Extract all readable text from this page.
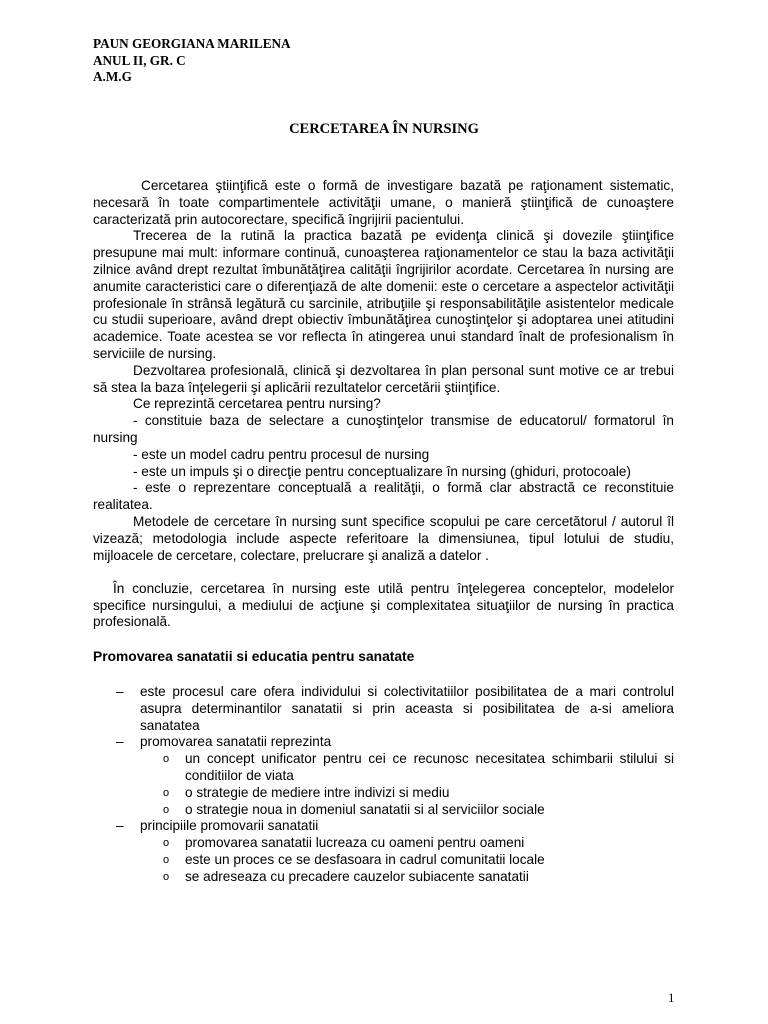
PAUN GEORGIANA MARILENA
ANUL II, GR. C
A.M.G
CERCETAREA ÎN NURSING

Cercetarea ştiinţifică este o formă de investigare bazată pe raţionament sistematic, necesară în toate compartimentele activităţii umane, o manieră ştiinţifică de cunoaştere caracterizată prin autocorectare, specifică îngrijirii pacientului.

Trecerea de la rutină la practica bazată pe evidenţa clinică şi dovezile ştiinţifice presupune mai mult: informare continuă, cunoaşterea raţionamentelor ce stau la baza activităţii zilnice având drept rezultat îmbunătăţirea calităţii îngrijirilor acordate. Cercetarea în nursing are anumite caracteristici care o diferenţiază de alte domenii: este o cercetare a aspectelor activităţii profesionale în strânsă legătură cu sarcinile, atribuţiile şi responsabilităţile asistentelor medicale cu studii superioare, având drept obiectiv îmbunătăţirea cunoştinţelor şi adoptarea unei atitudini academice. Toate acestea se vor reflecta în atingerea unui standard înalt de profesionalism în serviciile de nursing.

Dezvoltarea profesională, clinică şi dezvoltarea în plan personal sunt motive ce ar trebui să stea la baza înţelegerii şi aplicării rezultatelor cercetării ştiinţifice.

Ce reprezintă cercetarea pentru nursing?

- constituie baza de selectare a cunoştinţelor transmise de educatorul/ formatorul în nursing

- este un model cadru pentru procesul de nursing

- este un impuls şi o direcţie pentru conceptualizare în nursing (ghiduri, protocoale)

- este o reprezentare conceptuală a realităţii, o formă clar abstractă ce reconstituie realitatea.

Metodele de cercetare în nursing sunt specifice scopului pe care cercetătorul / autorul îl vizează; metodologia include aspecte referitoare la dimensiunea, tipul lotului de studiu, mijloacele de cercetare, colectare, prelucrare şi analiză a datelor .

În concluzie, cercetarea în nursing este utilă pentru înţelegerea conceptelor, modelelor specifice nursingului, a mediului de acţiune şi complexitatea situaţiilor de nursing în practica profesională.

Promovarea sanatatii si educatia pentru sanatate

– este procesul care ofera individului si colectivitatiilor posibilitatea de a mari controlul asupra determinantilor sanatatii si prin aceasta si posibilitatea de a-si ameliora sanatatea
– promovarea sanatatii reprezinta
o un concept unificator pentru cei ce recunosc necesitatea schimbarii stilului si conditiilor de viata
o o strategie de mediere intre indivizi si mediu
o o strategie noua in domeniul sanatatii si al serviciilor sociale
– principiile promovarii sanatatii
o promovarea sanatatii lucreaza cu oameni pentru oameni
o este un proces ce se desfasoara in cadrul comunitatii locale
o se adreseaza cu precadere cauzelor subiacente sanatatii
1
